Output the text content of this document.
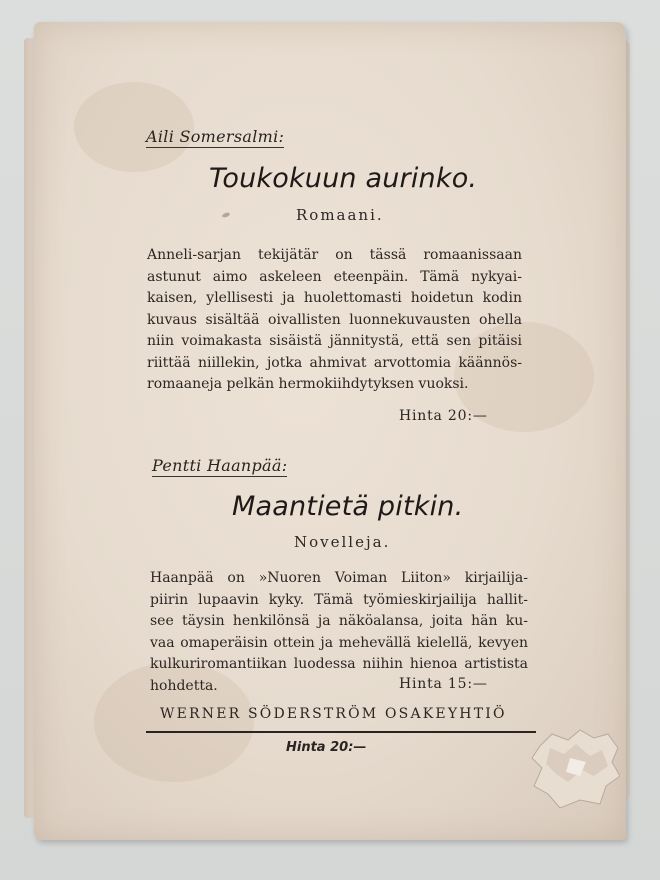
Aili Somersalmi:
Toukokuun aurinko.
Romaani.
Anneli-sarjan tekijätär on tässä romaanissaan
astunut aimo askeleen eteenpäin. Tämä nykyai-
kaisen, ylellisesti ja huolettomasti hoidetun kodin
kuvaus sisältää oivallisten luonnekuvausten ohella
niin voimakasta sisäistä jännitystä, että sen pitäisi
riittää niillekin, jotka ahmivat arvottomia käännös-
romaaneja pelkän hermokiihdytyksen vuoksi.
Hinta 20:—
Pentti Haanpää:
Maantietä pitkin.
Novelleja.
Haanpää on »Nuoren Voiman Liiton» kirjailija-
piirin lupaavin kyky. Tämä työmieskirjailija hallit-
see täysin henkilönsä ja näköalansa, joita hän ku-
vaa omaperäisin ottein ja mehevällä kielellä, kevyen
kulkuriromantiikan luodessa niihin hienoa artistista
hohdetta.	Hinta 15:—
WERNER SÖDERSTRÖM OSAKEYHTIÖ
Hinta 20:—
